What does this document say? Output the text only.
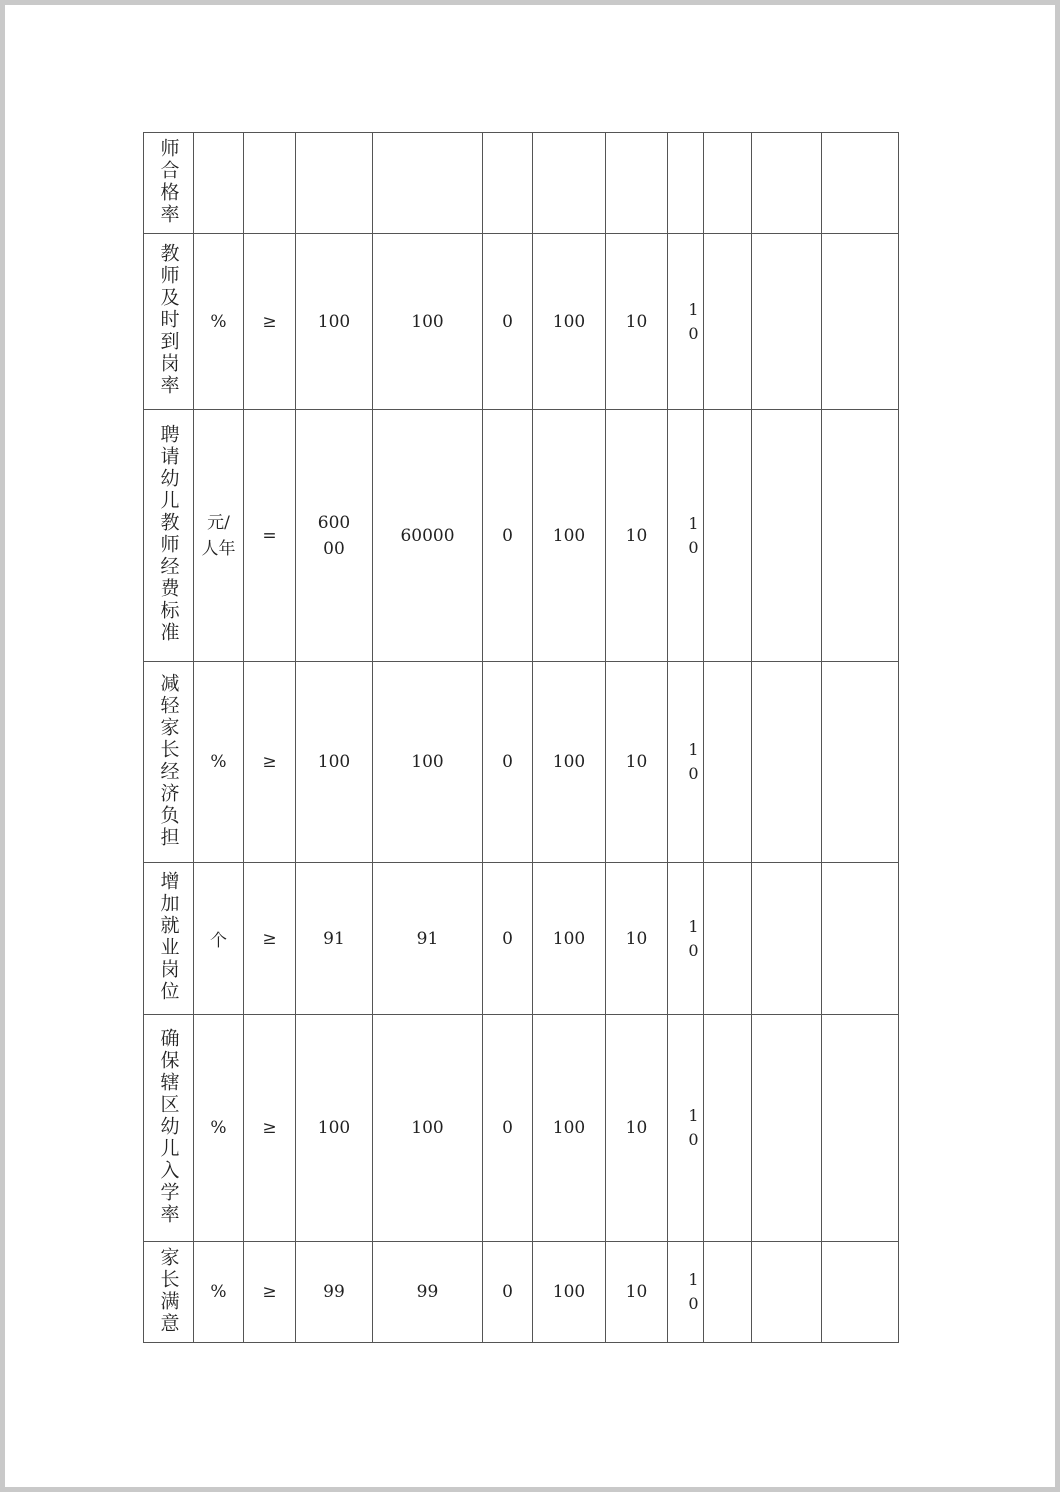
师合格率											
教师及时到岗率	%	≥	100	100	0	100	10	10			
聘请幼儿教师经费标准	元/人年	=	60000	60000	0	100	10	10			
减轻家长经济负担	%	≥	100	100	0	100	10	10			
增加就业岗位	个	≥	91	91	0	100	10	10			
确保辖区幼儿入学率	%	≥	100	100	0	100	10	10			
家长满意	%	≥	99	99	0	100	10	10			
